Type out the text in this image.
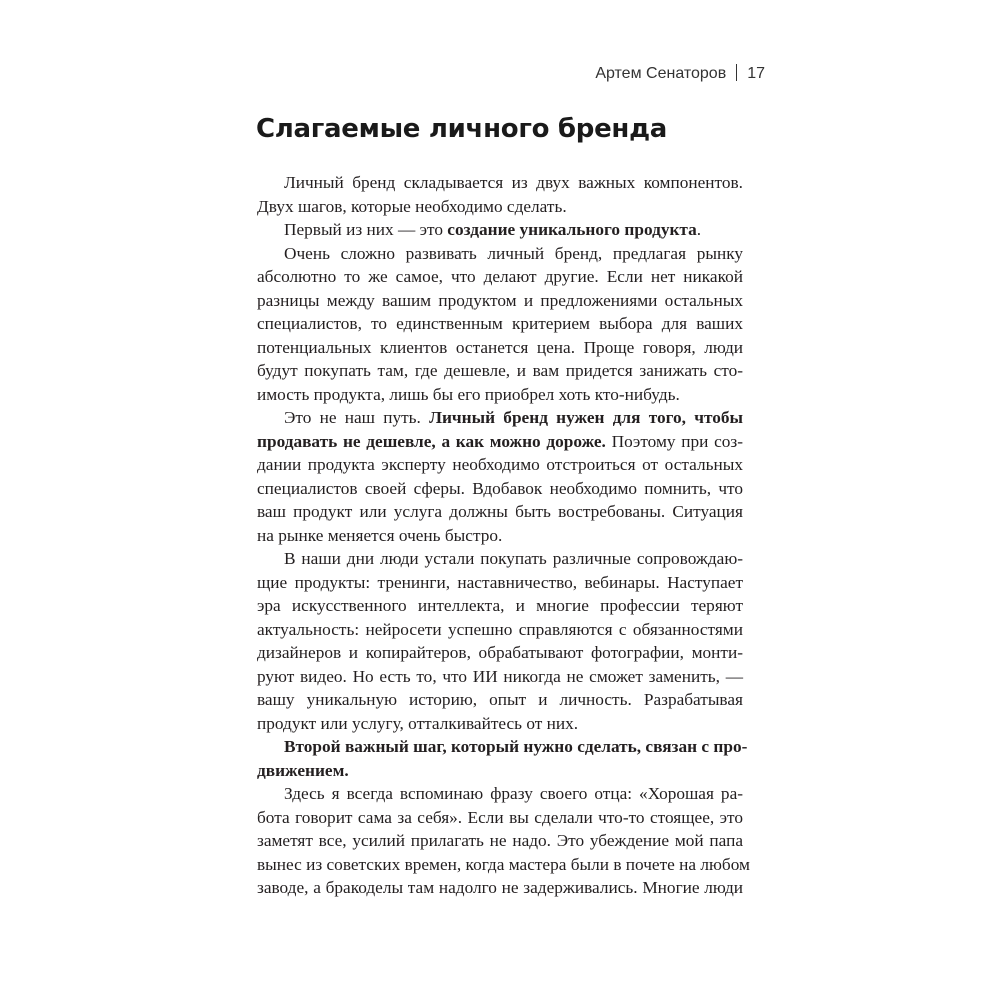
Артем Сенаторов 17
Слагаемые личного бренда
Личный бренд складывается из двух важных компонентов.
Двух шагов, которые необходимо сделать.
Первый из них — это создание уникального продукта.
Очень сложно развивать личный бренд, предлагая рынку
абсолютно то же самое, что делают другие. Если нет никакой
разницы между вашим продуктом и предложениями остальных
специалистов, то единственным критерием выбора для ваших
потенциальных клиентов останется цена. Проще говоря, люди
будут покупать там, где дешевле, и вам придется занижать сто-
имость продукта, лишь бы его приобрел хоть кто-нибудь.
Это не наш путь. Личный бренд нужен для того, чтобы
продавать не дешевле, а как можно дороже. Поэтому при соз-
дании продукта эксперту необходимо отстроиться от остальных
специалистов своей сферы. Вдобавок необходимо помнить, что
ваш продукт или услуга должны быть востребованы. Ситуация
на рынке меняется очень быстро.
В наши дни люди устали покупать различные сопровождаю-
щие продукты: тренинги, наставничество, вебинары. Наступает
эра искусственного интеллекта, и многие профессии теряют
актуальность: нейросети успешно справляются с обязанностями
дизайнеров и копирайтеров, обрабатывают фотографии, монти-
руют видео. Но есть то, что ИИ никогда не сможет заменить, —
вашу уникальную историю, опыт и личность. Разрабатывая
продукт или услугу, отталкивайтесь от них.
Второй важный шаг, который нужно сделать, связан с про-
движением.
Здесь я всегда вспоминаю фразу своего отца: «Хорошая ра-
бота говорит сама за себя». Если вы сделали что-то стоящее, это
заметят все, усилий прилагать не надо. Это убеждение мой папа
вынес из советских времен, когда мастера были в почете на любом
заводе, а бракоделы там надолго не задерживались. Многие люди
